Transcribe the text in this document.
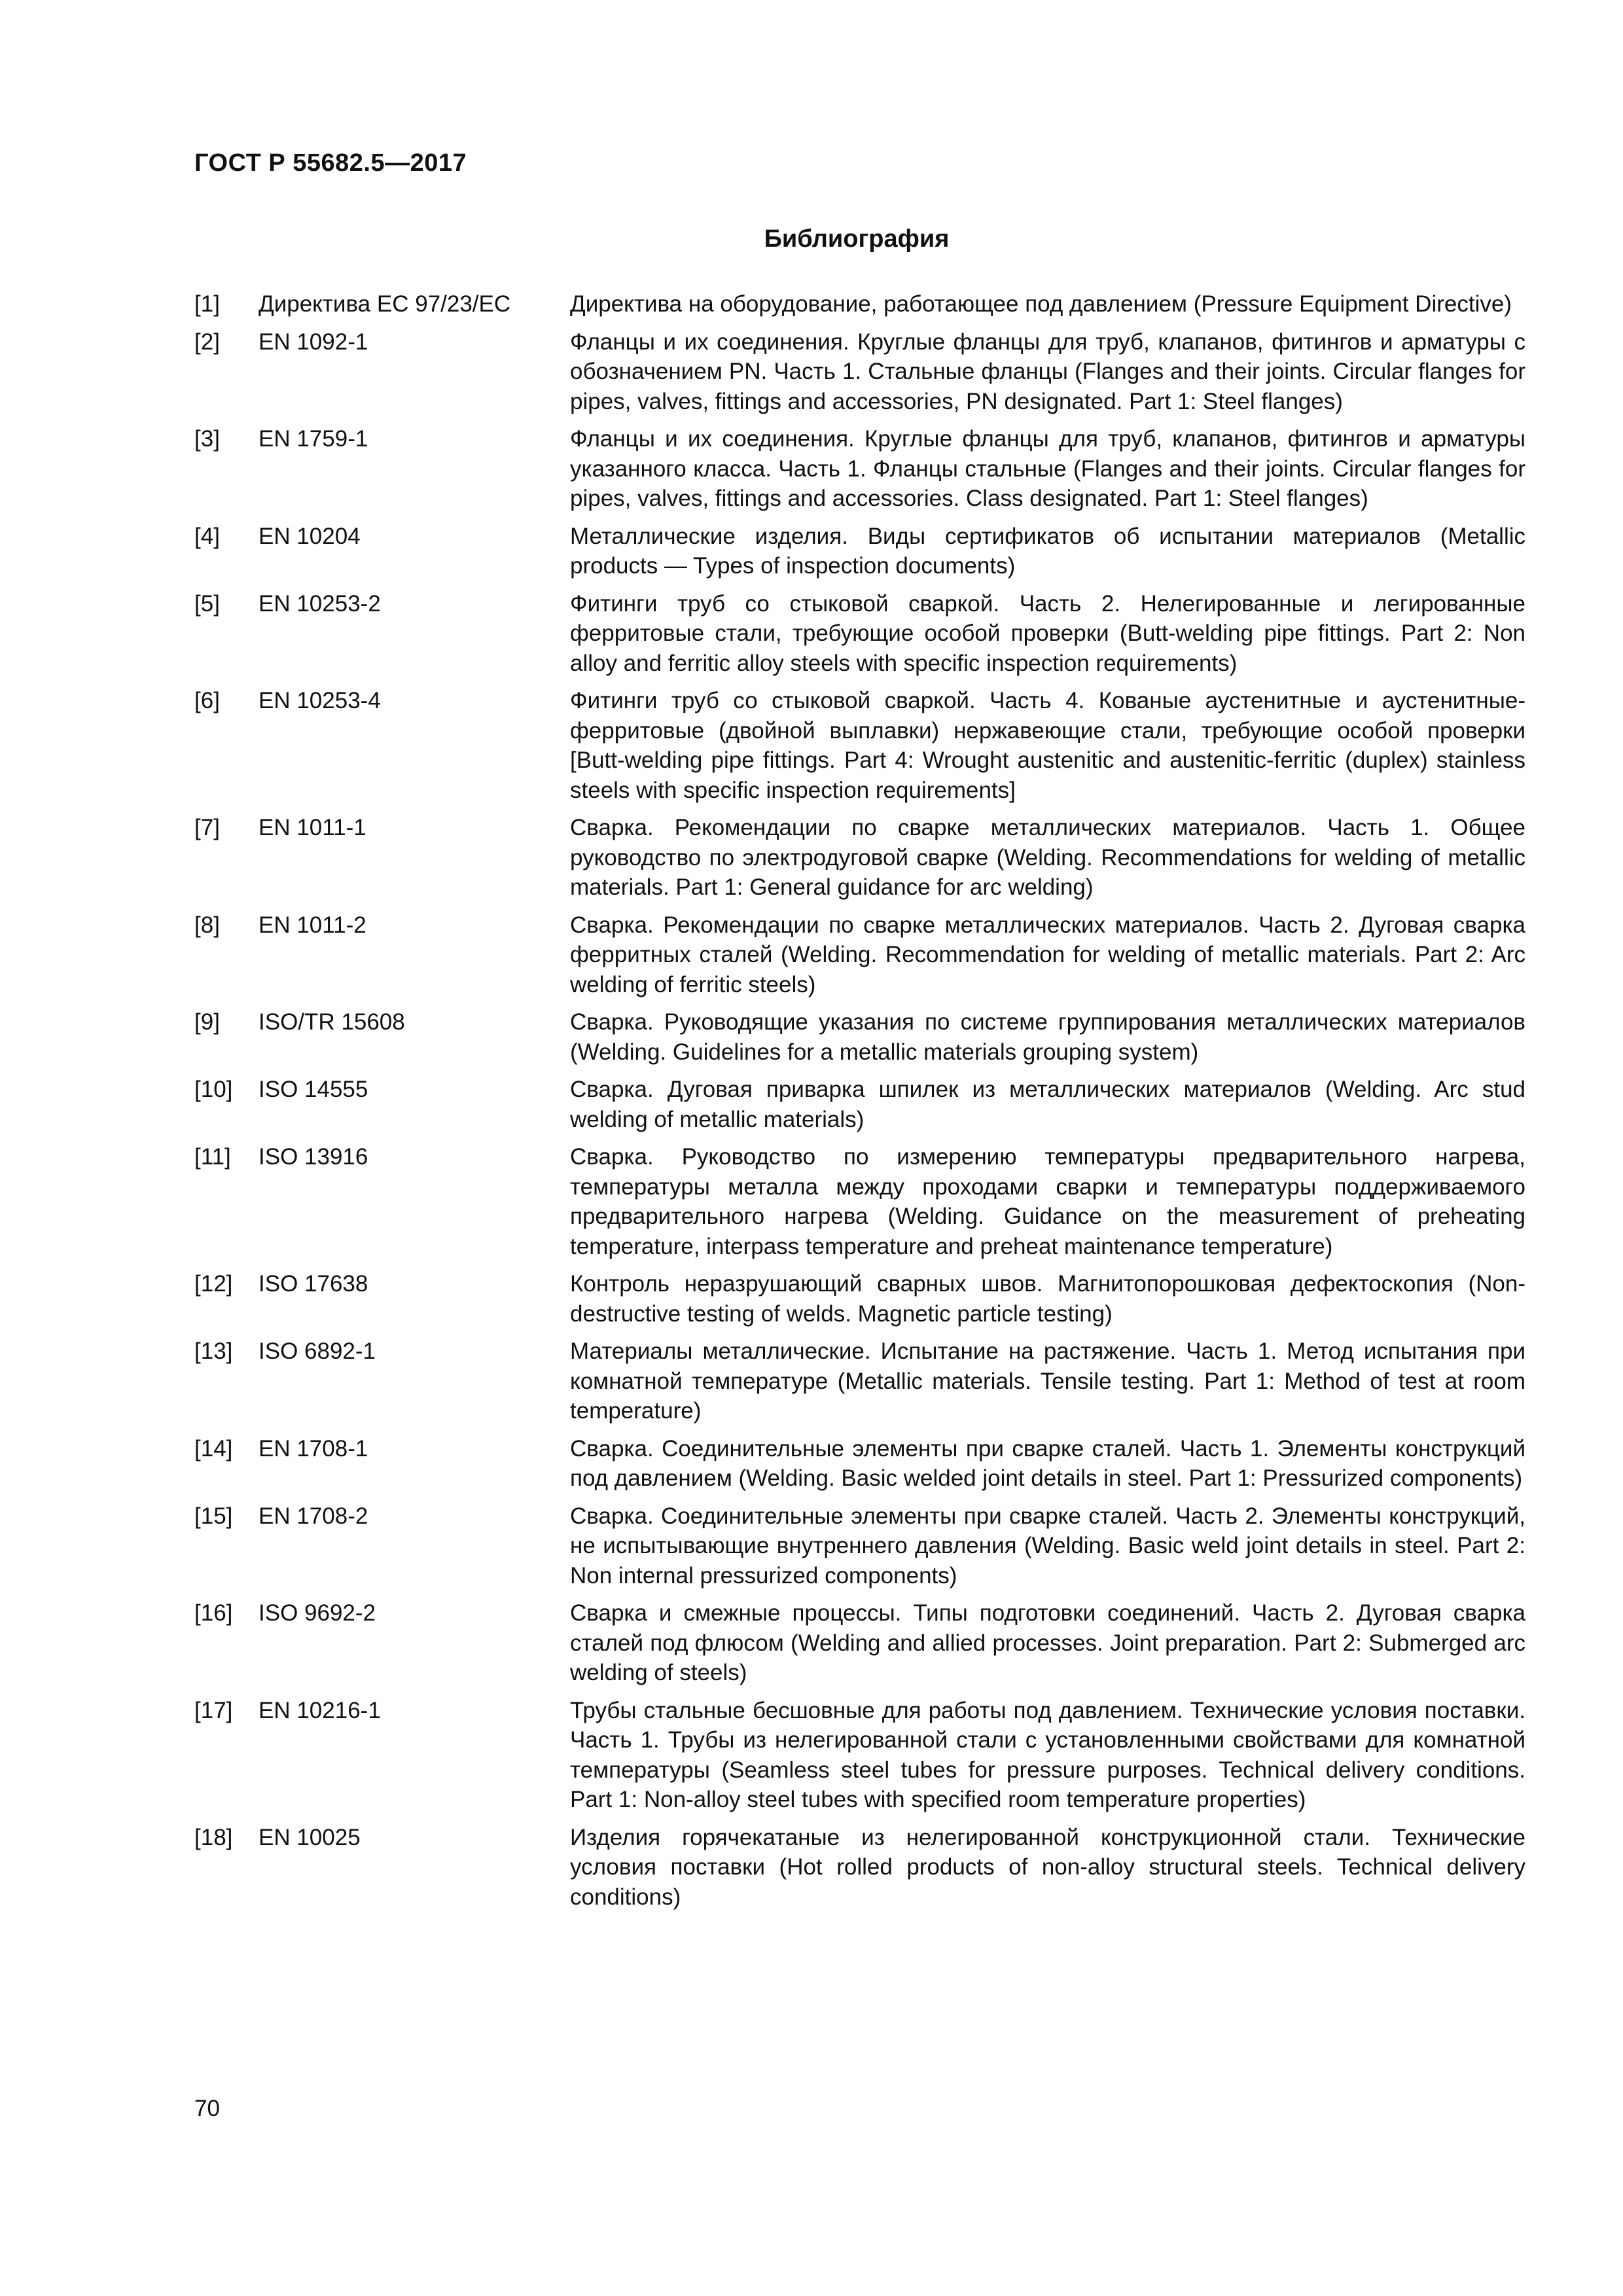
ГОСТ Р 55682.5—2017
Библиография
[1]	Директива ЕС 97/23/ЕС	Директива на оборудование, работающее под давлением (Pressure Equipment Directive)
[2]	EN 1092-1	Фланцы и их соединения. Круглые фланцы для труб, клапанов, фитингов и арматуры с обозначением PN. Часть 1. Стальные фланцы (Flanges and their joints. Circular flanges for pipes, valves, fittings and accessories, PN designated. Part 1: Steel flanges)
[3]	EN 1759-1	Фланцы и их соединения. Круглые фланцы для труб, клапанов, фитингов и арматуры указанного класса. Часть 1. Фланцы стальные (Flanges and their joints. Circular flanges for pipes, valves, fittings and accessories. Class designated. Part 1: Steel flanges)
[4]	EN 10204	Металлические изделия. Виды сертификатов об испытании материалов (Metallic products — Types of inspection documents)
[5]	EN 10253-2	Фитинги труб со стыковой сваркой. Часть 2. Нелегированные и легированные ферритовые стали, требующие особой проверки (Butt-welding pipe fittings. Part 2: Non alloy and ferritic alloy steels with specific inspection requirements)
[6]	EN 10253-4	Фитинги труб со стыковой сваркой. Часть 4. Кованые аустенитные и аустенитные-ферритовые (двойной выплавки) нержавеющие стали, требующие особой проверки [Butt-welding pipe fittings. Part 4: Wrought austenitic and austenitic-ferritic (duplex) stainless steels with specific inspection requirements]
[7]	EN 1011-1	Сварка. Рекомендации по сварке металлических материалов. Часть 1. Общее руководство по электродуговой сварке (Welding. Recommendations for welding of metallic materials. Part 1: General guidance for arc welding)
[8]	EN 1011-2	Сварка. Рекомендации по сварке металлических материалов. Часть 2. Дуговая сварка ферритных сталей (Welding. Recommendation for welding of metallic materials. Part 2: Arc welding of ferritic steels)
[9]	ISO/TR 15608	Сварка. Руководящие указания по системе группирования металлических материалов (Welding. Guidelines for a metallic materials grouping system)
[10]	ISO 14555	Сварка. Дуговая приварка шпилек из металлических материалов (Welding. Arc stud welding of metallic materials)
[11]	ISO 13916	Сварка. Руководство по измерению температуры предварительного нагрева, температуры металла между проходами сварки и температуры поддерживаемого предварительного нагрева (Welding. Guidance on the measurement of preheating temperature, interpass temperature and preheat maintenance temperature)
[12]	ISO 17638	Контроль неразрушающий сварных швов. Магнитопорошковая дефектоскопия (Non-destructive testing of welds. Magnetic particle testing)
[13]	ISO 6892-1	Материалы металлические. Испытание на растяжение. Часть 1. Метод испытания при комнатной температуре (Metallic materials. Tensile testing. Part 1: Method of test at room temperature)
[14]	EN 1708-1	Сварка. Соединительные элементы при сварке сталей. Часть 1. Элементы конструкций под давлением (Welding. Basic welded joint details in steel. Part 1: Pressurized components)
[15]	EN 1708-2	Сварка. Соединительные элементы при сварке сталей. Часть 2. Элементы конструкций, не испытывающие внутреннего давления (Welding. Basic weld joint details in steel. Part 2: Non internal pressurized components)
[16]	ISO 9692-2	Сварка и смежные процессы. Типы подготовки соединений. Часть 2. Дуговая сварка сталей под флюсом (Welding and allied processes. Joint preparation. Part 2: Submerged arc welding of steels)
[17]	EN 10216-1	Трубы стальные бесшовные для работы под давлением. Технические условия поставки. Часть 1. Трубы из нелегированной стали с установленными свойствами для комнатной температуры (Seamless steel tubes for pressure purposes. Technical delivery conditions. Part 1: Non-alloy steel tubes with specified room temperature properties)
[18]	EN 10025	Изделия горячекатаные из нелегированной конструкционной стали. Технические условия поставки (Hot rolled products of non-alloy structural steels. Technical delivery conditions)
70
